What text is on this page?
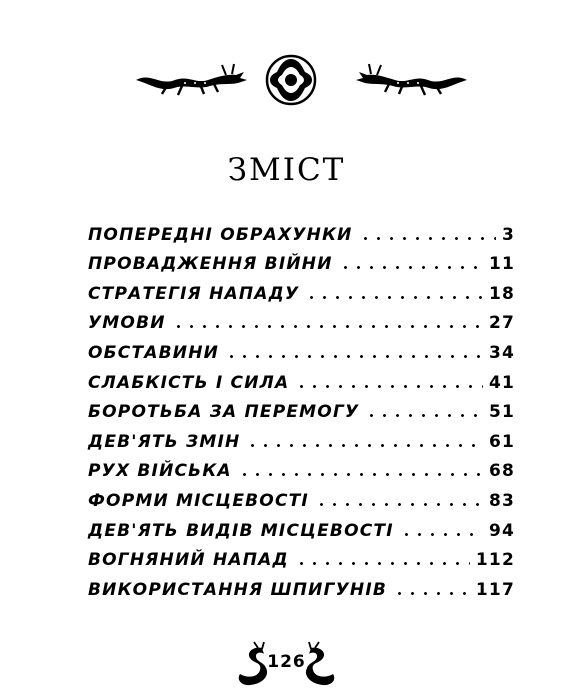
ЗМІСТ
ПОПЕРЕДНІ ОБРАХУНКИ	3
ПРОВАДЖЕННЯ ВІЙНИ	11
СТРАТЕГІЯ НАПАДУ	18
УМОВИ	27
ОБСТАВИНИ	34
СЛАБКІСТЬ І СИЛА	41
БОРОТЬБА ЗА ПЕРЕМОГУ	51
ДЕВ'ЯТЬ ЗМІН	61
РУХ ВІЙСЬКА	68
ФОРМИ МІСЦЕВОСТІ	83
ДЕВ'ЯТЬ ВИДІВ МІСЦЕВОСТІ	94
ВОГНЯНИЙ НАПАД	112
ВИКОРИСТАННЯ ШПИГУНІВ	117
126
